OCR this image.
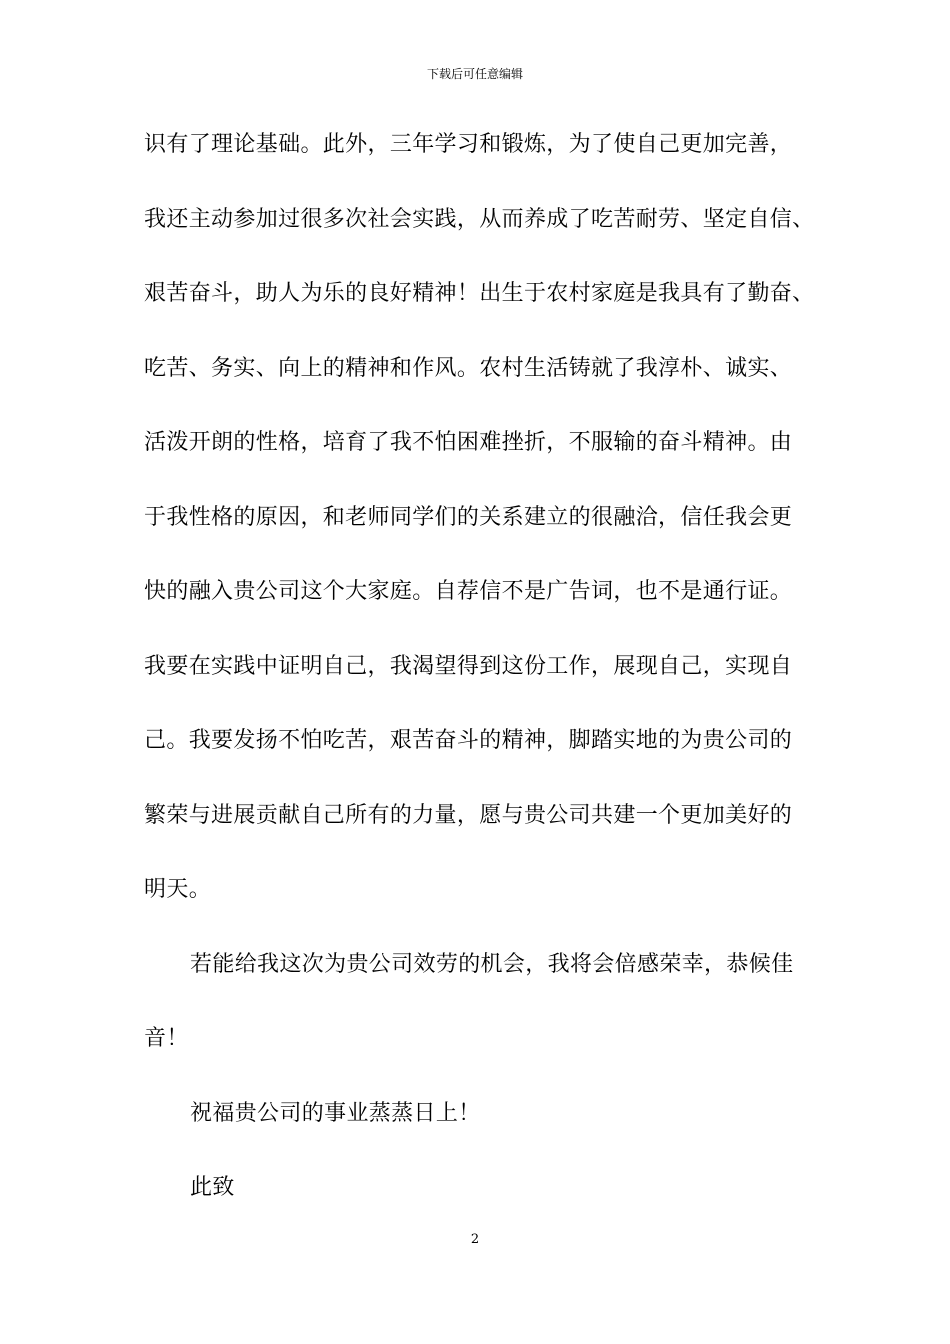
下载后可任意编辑
识有了理论基础。此外，三年学习和锻炼，为了使自己更加完善，
我还主动参加过很多次社会实践，从而养成了吃苦耐劳、坚定自信、
艰苦奋斗，助人为乐的良好精神！出生于农村家庭是我具有了勤奋、
吃苦、务实、向上的精神和作风。农村生活铸就了我淳朴、诚实、
活泼开朗的性格，培育了我不怕困难挫折，不服输的奋斗精神。由
于我性格的原因，和老师同学们的关系建立的很融洽，信任我会更
快的融入贵公司这个大家庭。自荐信不是广告词，也不是通行证。
我要在实践中证明自己，我渴望得到这份工作，展现自己，实现自
己。我要发扬不怕吃苦，艰苦奋斗的精神，脚踏实地的为贵公司的
繁荣与进展贡献自己所有的力量，愿与贵公司共建一个更加美好的
明天。
若能给我这次为贵公司效劳的机会，我将会倍感荣幸，恭候佳
音！
祝福贵公司的事业蒸蒸日上！
此致
2
